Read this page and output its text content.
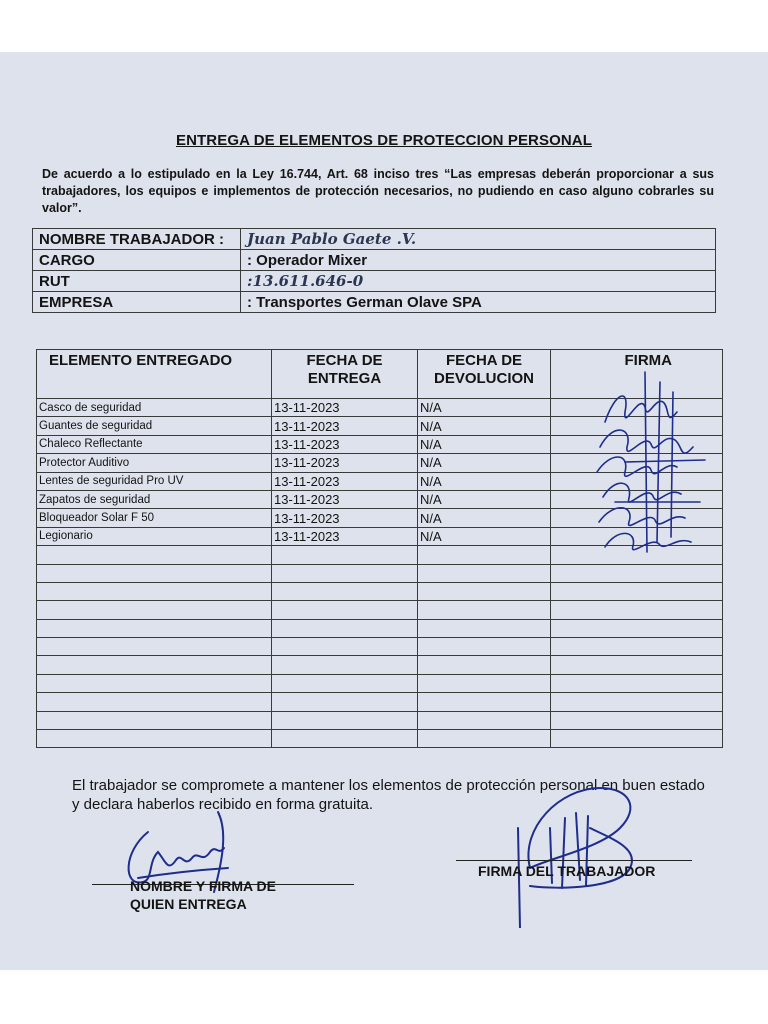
ENTREGA DE ELEMENTOS DE PROTECCION PERSONAL
De acuerdo a lo estipulado en la Ley 16.744, Art. 68 inciso tres “Las empresas deberán proporcionar a sus trabajadores, los equipos e implementos de protección necesarios, no pudiendo en caso alguno cobrarles su valor”.
NOMBRE TRABAJADOR :	Juan Pablo Gaete .V.
CARGO	: Operador Mixer
RUT	:13.611.646-0
EMPRESA	: Transportes German Olave SPA
ELEMENTO ENTREGADO	FECHA DE ENTREGA	FECHA DE DEVOLUCION	FIRMA
Casco de seguridad	13-11-2023	N/A	
Guantes de seguridad	13-11-2023	N/A	
Chaleco Reflectante	13-11-2023	N/A	
Protector Auditivo	13-11-2023	N/A	
Lentes de seguridad Pro UV	13-11-2023	N/A	
Zapatos de seguridad	13-11-2023	N/A	
Bloqueador Solar F 50	13-11-2023	N/A	
Legionario	13-11-2023	N/A	

El trabajador se compromete a mantener los elementos de protección personal en buen estado y declara haberlos recibido en forma gratuita.
NOMBRE Y FIRMA DE QUIEN ENTREGA
FIRMA DEL TRABAJADOR
